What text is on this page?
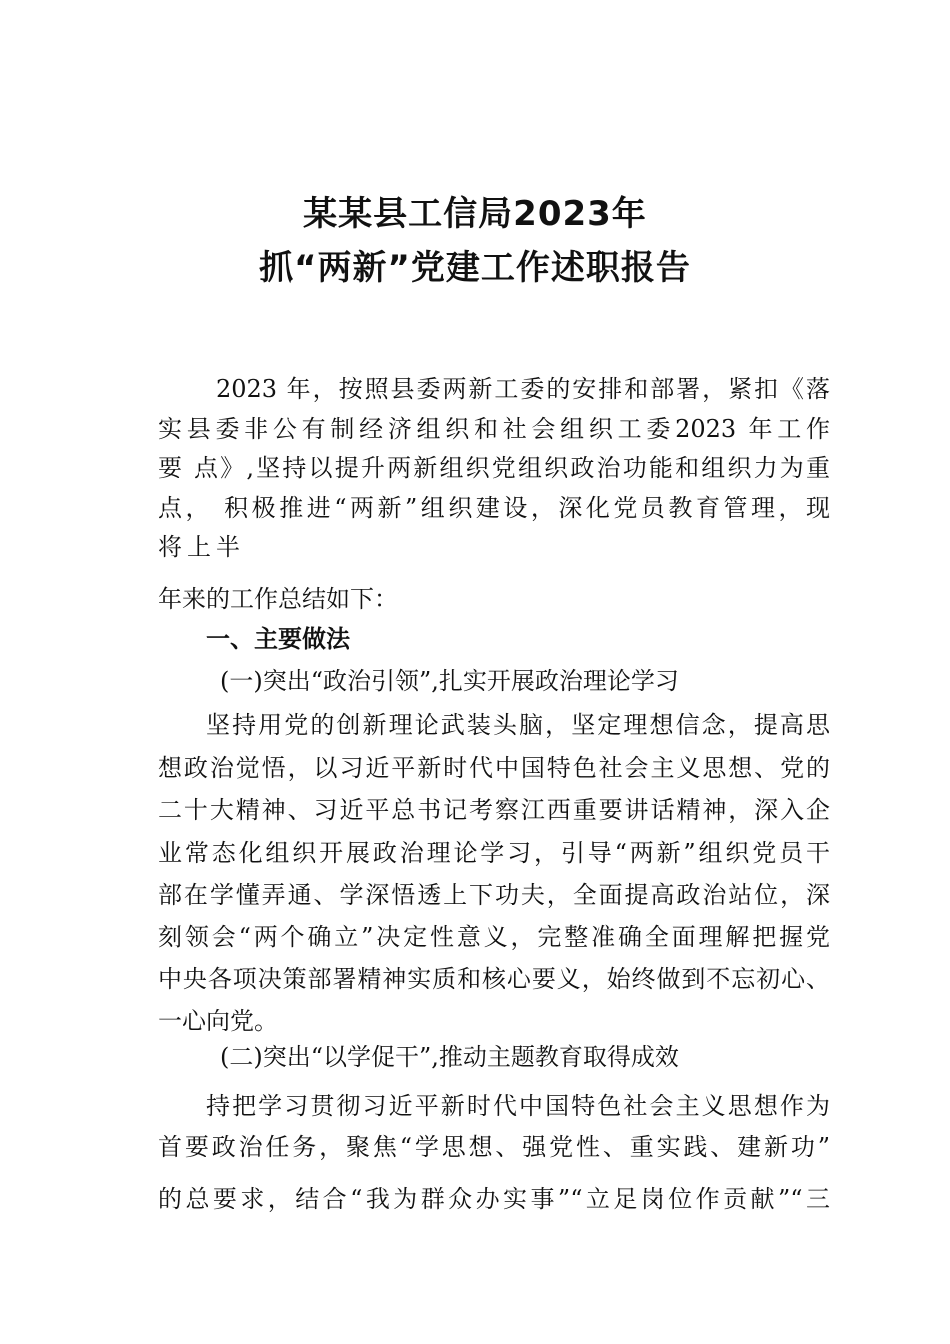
某某县工信局2023年
抓“两新”党建工作述职报告
2023 年，按照县委两新工委的安排和部署，紧扣《落
实县委非公有制经济组织和社会组织工委2023 年工作
要 点》,坚持以提升两新组织党组织政治功能和组织力为重
点， 积极推进“两新”组织建设，深化党员教育管理，现
将上半
年来的工作总结如下：
一、主要做法
(一)突出“政治引领”,扎实开展政治理论学习
坚持用党的创新理论武装头脑，坚定理想信念，提高思
想政治觉悟，以习近平新时代中国特色社会主义思想、党的
二十大精神、习近平总书记考察江西重要讲话精神，深入企
业常态化组织开展政治理论学习，引导“两新”组织党员干
部在学懂弄通、学深悟透上下功夫，全面提高政治站位，深
刻领会“两个确立”决定性意义，完整准确全面理解把握党
中央各项决策部署精神实质和核心要义，始终做到不忘初心、
一心向党。
(二)突出“以学促干”,推动主题教育取得成效
持把学习贯彻习近平新时代中国特色社会主义思想作为
首要政治任务，聚焦“学思想、强党性、重实践、建新功”
的总要求，结合“我为群众办实事”“立足岗位作贡献”“三
